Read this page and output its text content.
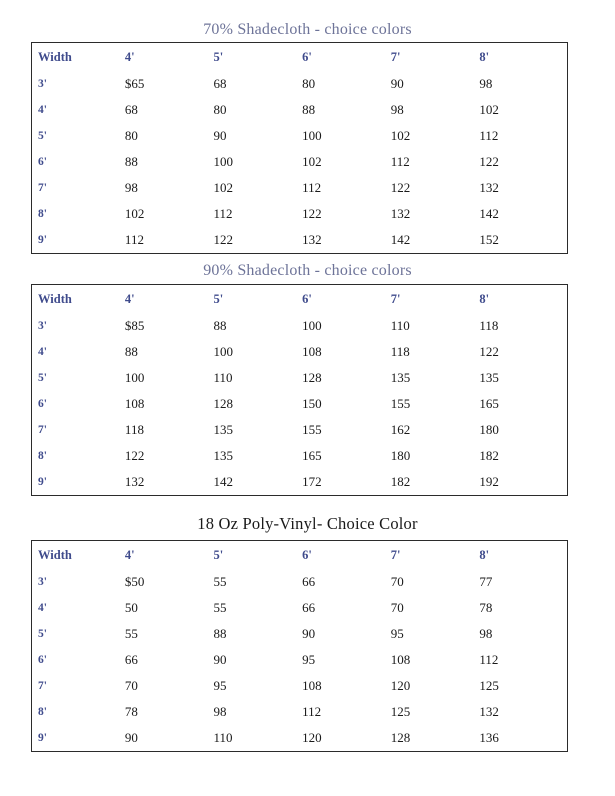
70% Shadecloth - choice colors
Width	4'	5'	6'	7'	8'
3'	$65	68	80	90	98
4'	68	80	88	98	102
5'	80	90	100	102	112
6'	88	100	102	112	122
7'	98	102	112	122	132
8'	102	112	122	132	142
9'	112	122	132	142	152
90% Shadecloth - choice colors
Width	4'	5'	6'	7'	8'
3'	$85	88	100	110	118
4'	88	100	108	118	122
5'	100	110	128	135	135
6'	108	128	150	155	165
7'	118	135	155	162	180
8'	122	135	165	180	182
9'	132	142	172	182	192
18 Oz Poly-Vinyl- Choice Color
Width	4'	5'	6'	7'	8'
3'	$50	55	66	70	77
4'	50	55	66	70	78
5'	55	88	90	95	98
6'	66	90	95	108	112
7'	70	95	108	120	125
8'	78	98	112	125	132
9'	90	110	120	128	136
